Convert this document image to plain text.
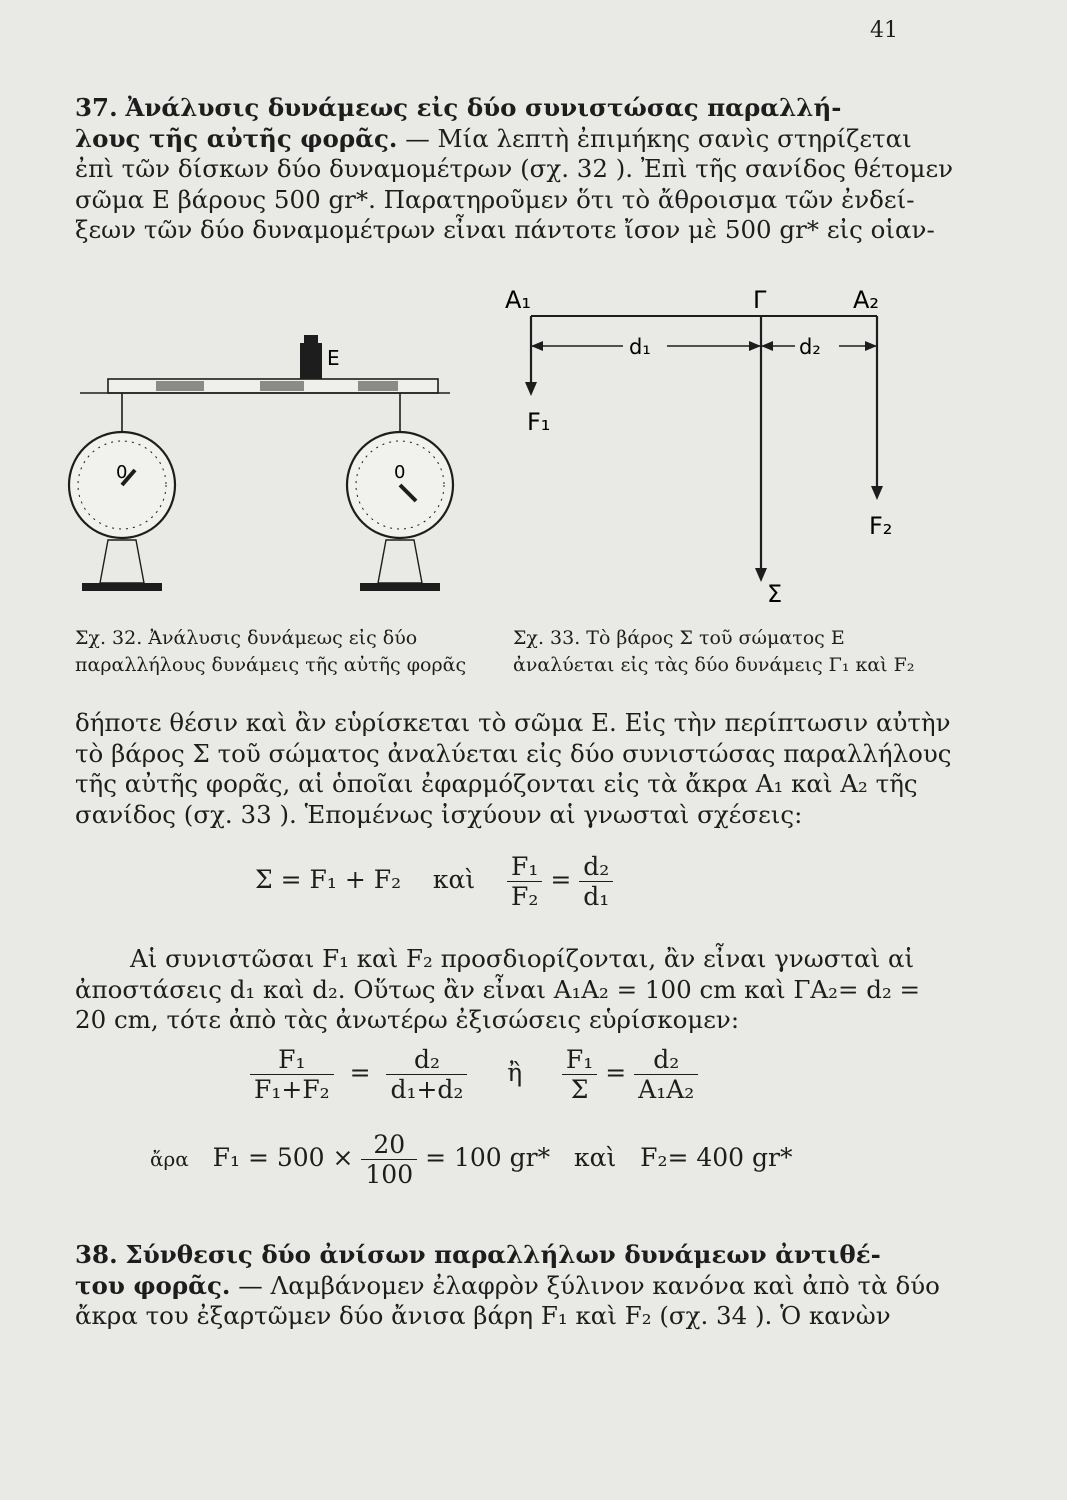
41
37. Ἀνάλυσις δυνάμεως εἰς δύο συνιστώσας παραλλή-
λους τῆς αὐτῆς φορᾶς. — Μία λεπτὴ ἐπιμήκης σανὶς στηρίζεται
ἐπὶ τῶν δίσκων δύο δυναμομέτρων (σχ. 32 ). Ἐπὶ τῆς σανίδος θέτομεν
σῶμα Ε βάρους 500 gr*. Παρατηροῦμεν ὅτι τὸ ἄθροισμα τῶν ἐνδεί-
ξεων τῶν δύο δυναμομέτρων εἶναι πάντοτε ἴσον μὲ 500 gr* εἰς οἱαν-
E
0	0
A₁	Γ	A₂
d₁	d₂
F₁
Σ
F₂
Σχ. 32. Ἀνάλυσις δυνάμεως εἰς δύο
παραλλήλους δυνάμεις τῆς αὐτῆς φορᾶς
Σχ. 33. Τὸ βάρος Σ τοῦ σώματος Ε
ἀναλύεται εἰς τὰς δύο δυνάμεις Γ₁ καὶ F₂
δήποτε θέσιν καὶ ἂν εὑρίσκεται τὸ σῶμα Ε. Εἰς τὴν περίπτωσιν αὐτὴν
τὸ βάρος Σ τοῦ σώματος ἀναλύεται εἰς δύο συνιστώσας παραλλήλους
τῆς αὐτῆς φορᾶς, αἱ ὁποῖαι ἐφαρμόζονται εἰς τὰ ἄκρα A₁ καὶ A₂ τῆς
σανίδος (σχ. 33 ). Ἑπομένως ἰσχύουν αἱ γνωσταὶ σχέσεις:
Σ = F₁ + F₂ καὶ $\frac{\text{F₁}}{\text{F₂}} = \frac{\text{d₂}}{\text{d₁}}$
Αἱ συνιστῶσαι F₁ καὶ F₂ προσδιορίζονται, ἂν εἶναι γνωσταὶ αἱ
ἀποστάσεις d₁ καὶ d₂. Οὕτως ἂν εἶναι A₁A₂ = 100 cm καὶ ΓA₂= d₂ =
20 cm, τότε ἀπὸ τὰς ἀνωτέρω ἐξισώσεις εὑρίσκομεν:
$\frac{\text{F₁}}{\text{F₁+F₂}} = \frac{\text{d₂}}{\text{d₁+d₂}}$ ἢ $\frac{\text{F₁}}{\Sigma} = \frac{\text{d₂}}{\text{A₁A₂}}$
ἄρα $F_1 = 500 \times \frac{20}{100} = 100$ gr* καὶ F₂= 400 gr*
38. Σύνθεσις δύο ἀνίσων παραλλήλων δυνάμεων ἀντιθέ-
του φορᾶς. — Λαμβάνομεν ἐλαφρὸν ξύλινον κανόνα καὶ ἀπὸ τὰ δύο
ἄκρα του ἐξαρτῶμεν δύο ἄνισα βάρη F₁ καὶ F₂ (σχ. 34 ). Ὁ κανὼν
